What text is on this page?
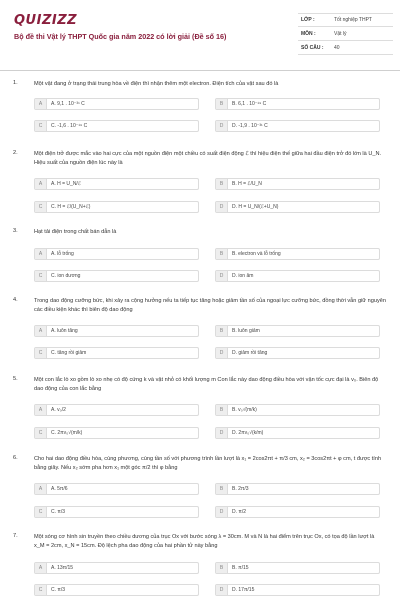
QUIZIZZ
Bộ đề thi Vật lý THPT Quốc gia năm 2022 có lời giải (Đề số 16)
LỚP :	Tốt nghiệp THPT
MÔN :	Vật lý
SỐ CÂU :	40
1.	Một vật đang ở trạng thái trung hòa về điện thì nhận thêm một electron. Điện tích của vật sau đó là
A	A. 9,1 . 10⁻³¹ C	B	B. 6,1 . 10⁻¹⁹ C
C	C. -1,6 . 10⁻¹⁹ C	D	D. -1,9 . 10⁻³¹ C
2.	Một điện trở được mắc vào hai cực của một nguồn điện một chiều có suất điện động ℰ thì hiệu điện thế giữa hai đầu điện trở đó lớn là U_N. Hiệu suất của nguồn điện lúc này là
A	A. H = U_N/ℰ	B	B. H = ℰ/U_N
C	C. H = ℰ/(U_N+ℰ)	D	D. H = U_N/(ℰ+U_N)
3.	Hạt tải điện trong chất bán dẫn là
A	A. lỗ trống	B	B. electron và lỗ trống
C	C. ion dương	D	D. ion âm
4.	Trong dao động cưỡng bức, khi xảy ra cộng hưởng nếu ta tiếp tục tăng hoặc giảm tần số của ngoại lực cưỡng bức, đồng thời vẫn giữ nguyên các điều kiện khác thì biên độ dao động
A	A. luôn tăng	B	B. luôn giảm
C	C. tăng rồi giảm	D	D. giảm rồi tăng
5.	Một con lắc lò xo gồm lò xo nhẹ có độ cứng k và vật nhỏ có khối lượng m Con lắc này dao động điều hòa với vận tốc cực đại là v₀. Biên độ dao động của con lắc bằng
A	A. v₀/2	B	B. v₀√(m/k)
C	C. 2πv₀√(m/k)	D	D. 2πv₀√(k/m)
6.	Cho hai dao động điều hòa, cùng phương, cùng tần số với phương trình lần lượt là x₁ = 2cos2πt + π/3 cm, x₂ = 3cos2πt + φ cm, t được tính bằng giây. Nếu x₂ sớm pha hơn x₁ một góc π/2 thì φ bằng
A	A. 5π/6	B	B. 2π/3
C	C. π/3	D	D. π/2
7.	Một sóng cơ hình sin truyền theo chiều dương của trục Ox với bước sóng λ = 30cm. M và N là hai điểm trên trục Ox, có tọa độ lần lượt là x_M = 2cm, x_N = 15cm. Độ lệch pha dao động của hai phần tử này bằng
A	A. 13π/15	B	B. π/15
C	C. π/3	D	D. 17π/15
